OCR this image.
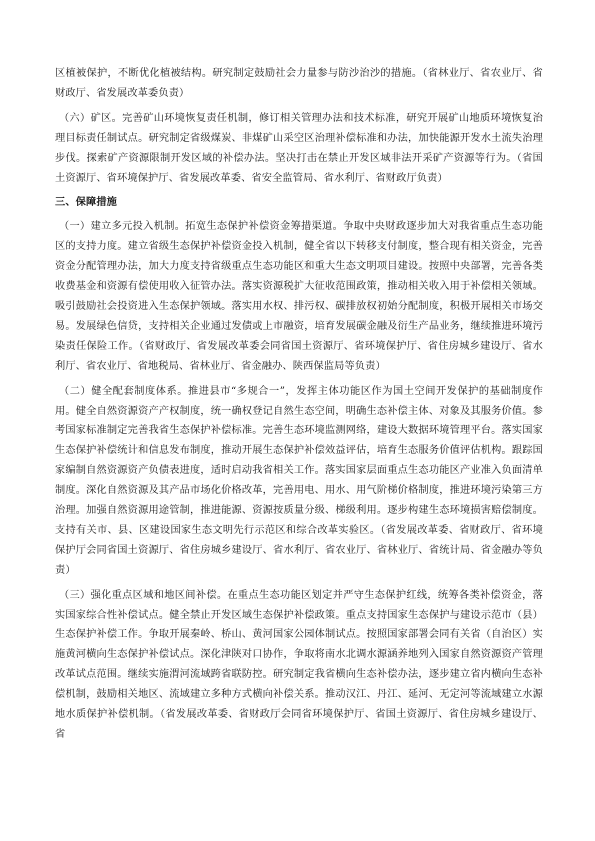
区植被保护，不断优化植被结构。研究制定鼓励社会力量参与防沙治沙的措施。（省林业厅、省农业厅、省财政厅、省发展改革委负责）

（六）矿区。完善矿山环境恢复责任机制，修订相关管理办法和技术标准，研究开展矿山地质环境恢复治理目标责任制试点。研究制定省级煤炭、非煤矿山采空区治理补偿标准和办法，加快能源开发水土流失治理步伐。探索矿产资源限制开发区域的补偿办法。坚决打击在禁止开发区域非法开采矿产资源等行为。（省国土资源厅、省环境保护厅、省发展改革委、省安全监管局、省水利厅、省财政厅负责）

三、保障措施

（一）建立多元投入机制。拓宽生态保护补偿资金筹措渠道。争取中央财政逐步加大对我省重点生态功能区的支持力度。建立省级生态保护补偿资金投入机制，健全省以下转移支付制度，整合现有相关资金，完善资金分配管理办法，加大力度支持省级重点生态功能区和重大生态文明项目建设。按照中央部署，完善各类收费基金和资源有偿使用收入征管办法。落实资源税扩大征收范围政策，推动相关收入用于补偿相关领域。吸引鼓励社会投资进入生态保护领域。落实用水权、排污权、碳排放权初始分配制度，积极开展相关市场交易。发展绿色信贷，支持相关企业通过发债或上市融资，培育发展碳金融及衍生产品业务，继续推进环境污染责任保险工作。（省财政厅、省发展改革委会同省国土资源厅、省环境保护厅、省住房城乡建设厅、省水利厅、省农业厅、省地税局、省林业厅、省金融办、陕西保监局等负责）

（二）健全配套制度体系。推进县市“多规合一”，发挥主体功能区作为国土空间开发保护的基础制度作用。健全自然资源资产产权制度，统一确权登记自然生态空间，明确生态补偿主体、对象及其服务价值。参考国家标准制定完善我省生态保护补偿标准。完善生态环境监测网络，建设大数据环境管理平台。落实国家生态保护补偿统计和信息发布制度，推动开展生态保护补偿效益评估，培育生态服务价值评估机构。跟踪国家编制自然资源资产负债表进度，适时启动我省相关工作。落实国家层面重点生态功能区产业准入负面清单制度。深化自然资源及其产品市场化价格改革，完善用电、用水、用气阶梯价格制度，推进环境污染第三方治理。加强自然资源用途管制，推进能源、资源按质量分级、梯级利用。逐步构建生态环境损害赔偿制度。支持有关市、县、区建设国家生态文明先行示范区和综合改革实验区。（省发展改革委、省财政厅、省环境保护厅会同省国土资源厅、省住房城乡建设厅、省水利厅、省农业厅、省林业厅、省统计局、省金融办等负责）

（三）强化重点区域和地区间补偿。在重点生态功能区划定并严守生态保护红线，统筹各类补偿资金，落实国家综合性补偿试点。健全禁止开发区域生态保护补偿政策。重点支持国家生态保护与建设示范市（县）生态保护补偿工作。争取开展秦岭、桥山、黄河国家公园体制试点。按照国家部署会同有关省（自治区）实施黄河横向生态保护补偿试点。深化津陕对口协作，争取将南水北调水源涵养地列入国家自然资源资产管理改革试点范围。继续实施渭河流域跨省联防控。研究制定我省横向生态补偿办法，逐步建立省内横向生态补偿机制，鼓励相关地区、流域建立多种方式横向补偿关系。推动汉江、丹江、延河、无定河等流域建立水源地水质保护补偿机制。（省发展改革委、省财政厅会同省环境保护厅、省国土资源厅、省住房城乡建设厅、省
